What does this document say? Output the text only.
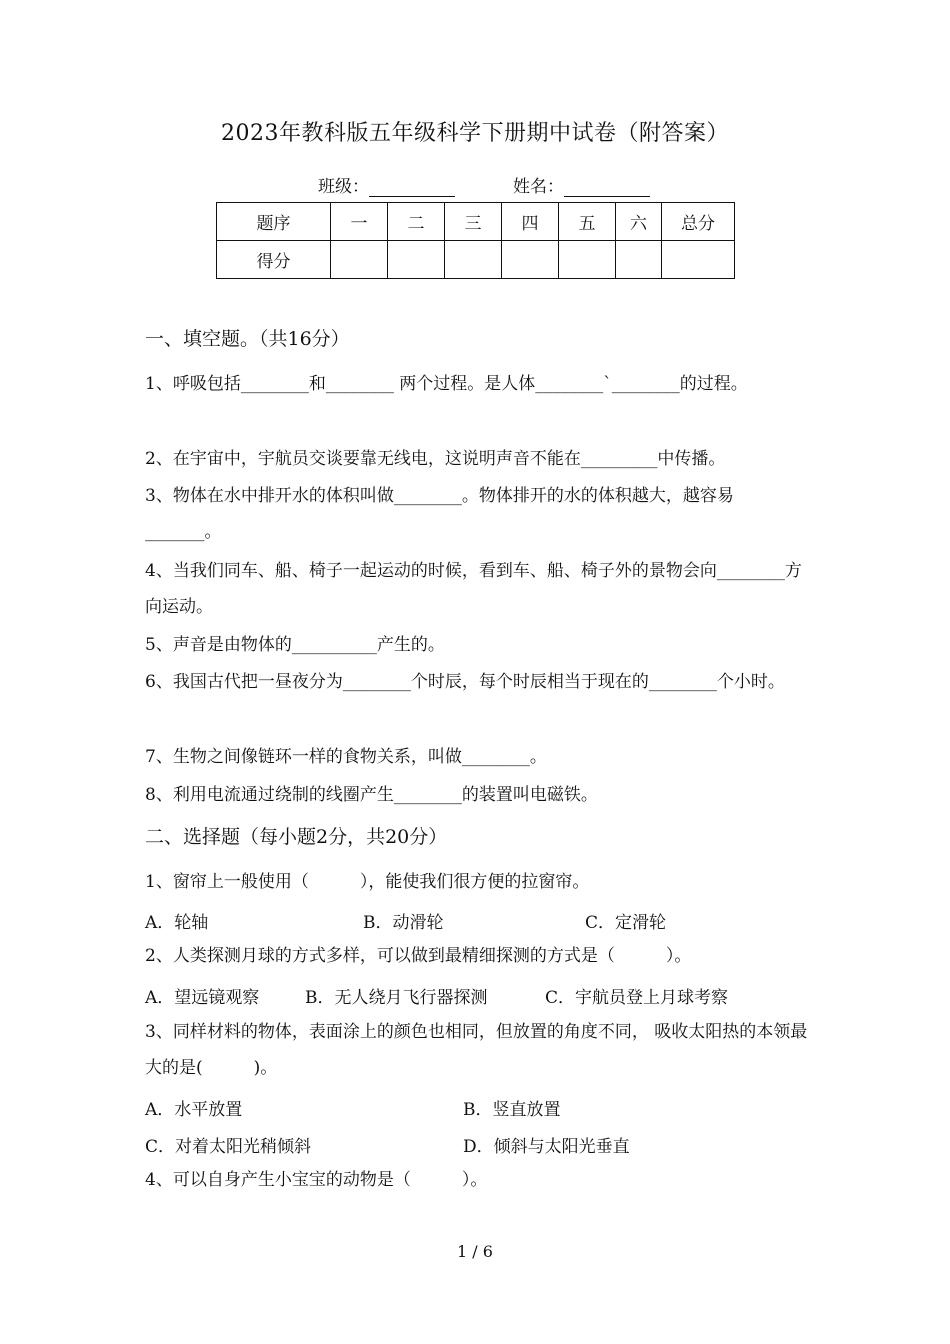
2023年教科版五年级科学下册期中试卷（附答案）
班级：	姓名：
题序	一	二	三	四	五	六	总分
得分							
一、填空题。（共16分）
1、呼吸包括________和________ 两个过程。是人体________`________的过程。
2、在宇宙中，宇航员交谈要靠无线电，这说明声音不能在_________中传播。
3、物体在水中排开水的体积叫做________。物体排开的水的体积越大，越容易_______。
4、当我们同车、船、椅子一起运动的时候，看到车、船、椅子外的景物会向________方向运动。
5、声音是由物体的__________产生的。
6、我国古代把一昼夜分为________个时辰，每个时辰相当于现在的________个小时。
7、生物之间像链环一样的食物关系，叫做________。
8、利用电流通过绕制的线圈产生________的装置叫电磁铁。
二、选择题（每小题2分，共20分）
1、窗帘上一般使用（　　　），能使我们很方便的拉窗帘。
A．轮轴	B．动滑轮	C．定滑轮
2、人类探测月球的方式多样，可以做到最精细探测的方式是（　　　）。
A．望远镜观察	B．无人绕月飞行器探测	C．宇航员登上月球考察
3、同样材料的物体，表面涂上的颜色也相同，但放置的角度不同， 吸收太阳热的本领最大的是(　　　)。
A．水平放置	B．竖直放置
C．对着太阳光稍倾斜	D．倾斜与太阳光垂直
4、可以自身产生小宝宝的动物是（　　　）。
1 / 6
